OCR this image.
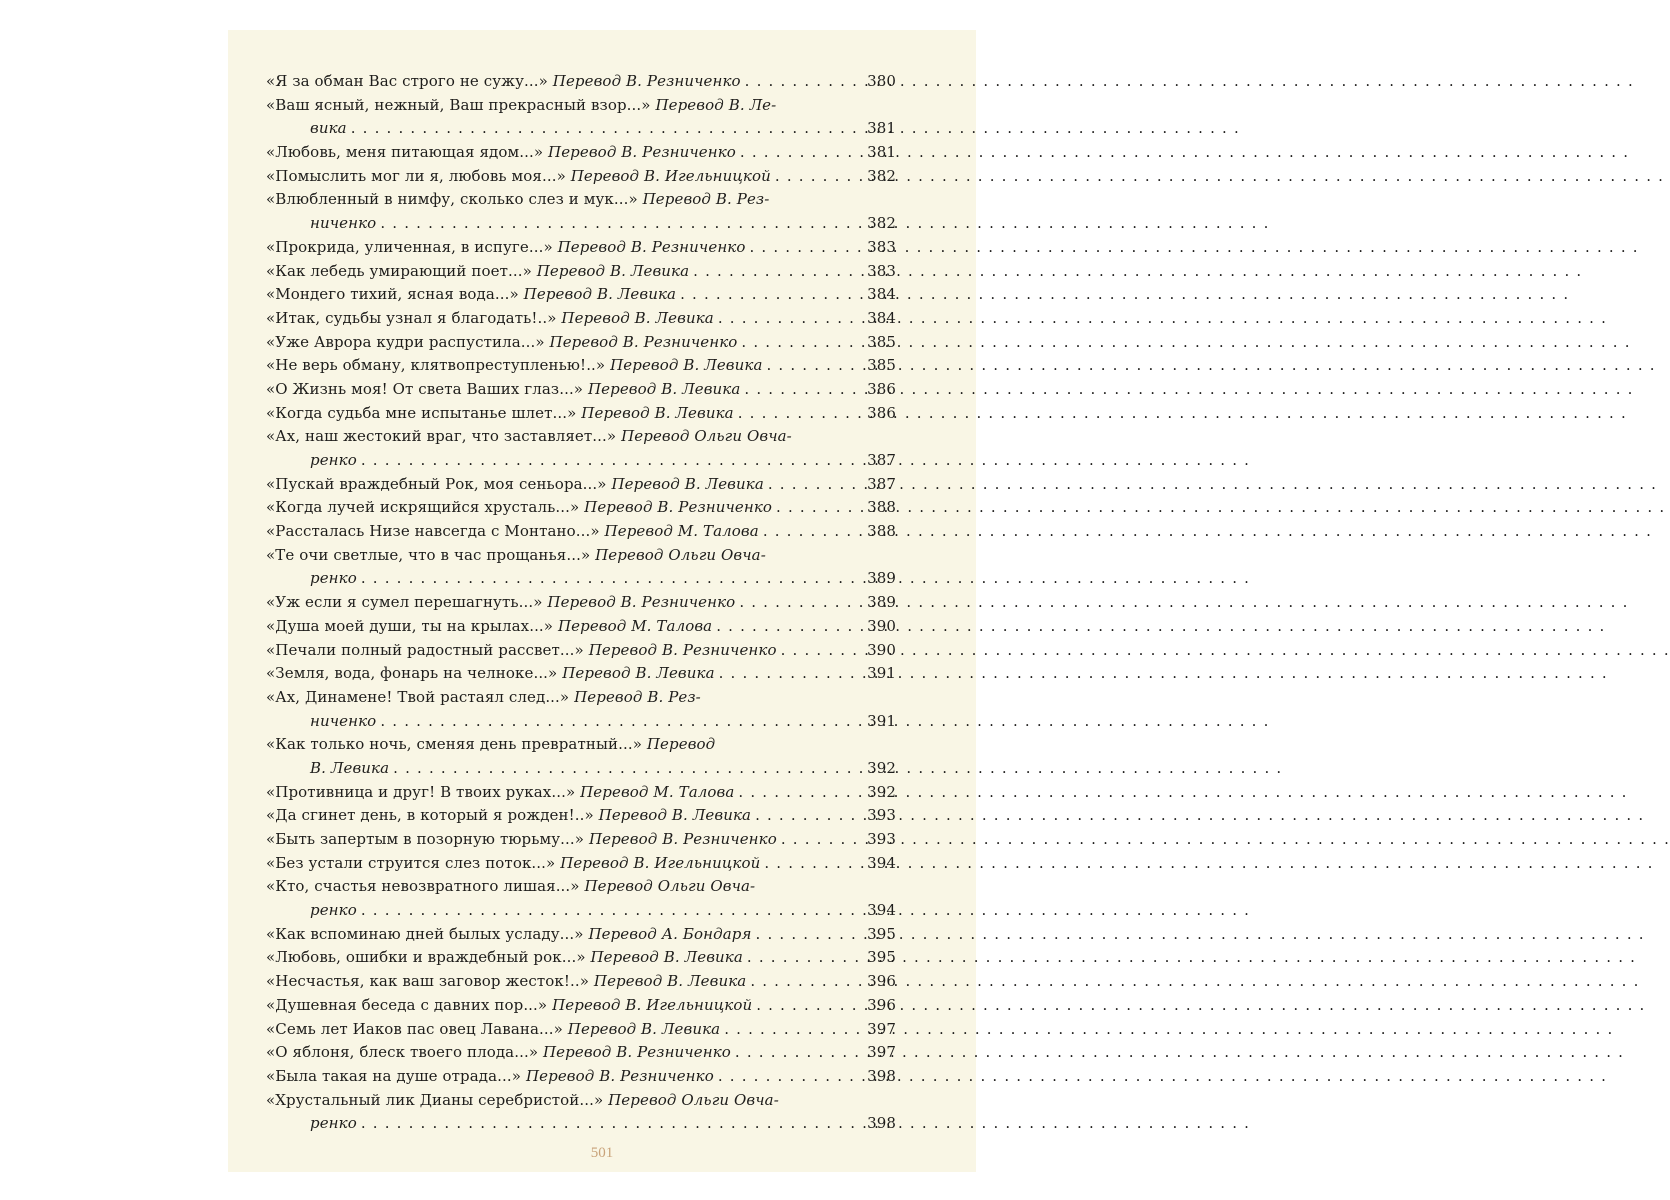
«Я за обман Вас строго не сужу...» Перевод В. Резниченко . . .	380
«Ваш ясный, нежный, Ваш прекрасный взор...» Перевод В. Ле-
вика . . .	381
«Любовь, меня питающая ядом...» Перевод В. Резниченко . . .	381
«Помыслить мог ли я, любовь моя...» Перевод В. Игельницкой . . .	382
«Влюбленный в нимфу, сколько слез и мук...» Перевод В. Рез-
ниченко . . .	382
«Прокрида, уличенная, в испуге...» Перевод В. Резниченко . . .	383
«Как лебедь умирающий поет...» Перевод В. Левика . . .	383
«Мондего тихий, ясная вода...» Перевод В. Левика . . .	384
«Итак, судьбы узнал я благодать!..» Перевод В. Левика . . .	384
«Уже Аврора кудри распустила...» Перевод В. Резниченко . . .	385
«Не верь обману, клятвопреступленью!..» Перевод В. Левика . . .	385
«О Жизнь моя! От света Ваших глаз...» Перевод В. Левика . . .	386
«Когда судьба мне испытанье шлет...» Перевод В. Левика . . .	386
«Ах, наш жестокий враг, что заставляет...» Перевод Ольги Овча-
ренко . . .	387
«Пускай враждебный Рок, моя сеньора...» Перевод В. Левика . . .	387
«Когда лучей искрящийся хрусталь...» Перевод В. Резниченко . . .	388
«Рассталась Низе навсегда с Монтано...» Перевод М. Талова . . .	388
«Те очи светлые, что в час прощанья...» Перевод Ольги Овча-
ренко . . .	389
«Уж если я сумел перешагнуть...» Перевод В. Резниченко . . .	389
«Душа моей души, ты на крылах...» Перевод М. Талова . . .	390
«Печали полный радостный рассвет...» Перевод В. Резниченко . . .	390
«Земля, вода, фонарь на челноке...» Перевод В. Левика . . .	391
«Ах, Динамене! Твой растаял след...» Перевод В. Рез-
ниченко . . .	391
«Как только ночь, сменяя день превратный...» Перевод
В. Левика . . .	392
«Противница и друг! В твоих руках...» Перевод М. Талова . . .	392
«Да сгинет день, в который я рожден!..» Перевод В. Левика . . .	393
«Быть запертым в позорную тюрьму...» Перевод В. Резниченко . . .	393
«Без устали струится слез поток...» Перевод В. Игельницкой . . .	394
«Кто, счастья невозвратного лишая...» Перевод Ольги Овча-
ренко . . .	394
«Как вспоминаю дней былых усладу...» Перевод А. Бондаря . . .	395
«Любовь, ошибки и враждебный рок...» Перевод В. Левика . . .	395
«Несчастья, как ваш заговор жесток!..» Перевод В. Левика . . .	396
«Душевная беседа с давних пор...» Перевод В. Игельницкой . . .	396
«Семь лет Иаков пас овец Лавана...» Перевод В. Левика . . .	397
«О яблоня, блеск твоего плода...» Перевод В. Резниченко . . .	397
«Была такая на душе отрада...» Перевод В. Резниченко . . .	398
«Хрустальный лик Дианы серебристой...» Перевод Ольги Овча-
ренко . . .	398
501
